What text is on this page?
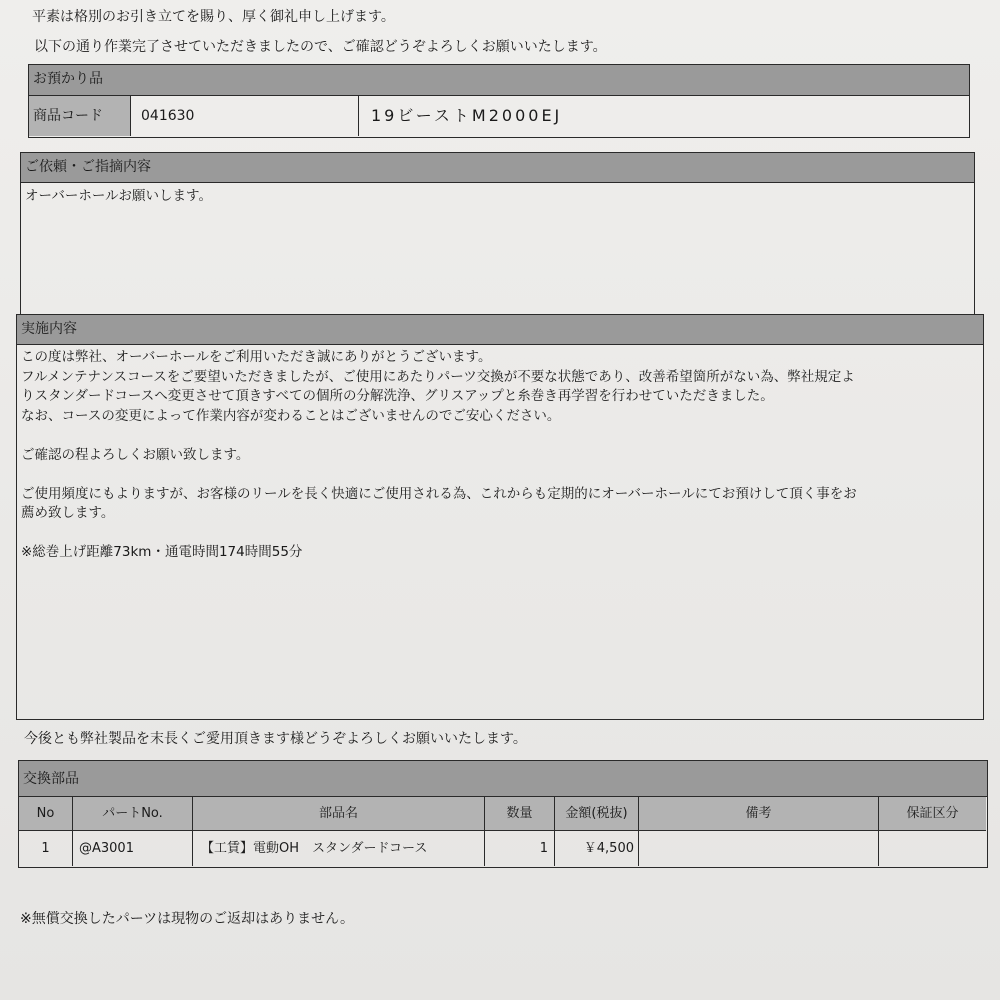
平素は格別のお引き立てを賜り、厚く御礼申し上げます。
以下の通り作業完了させていただきましたので、ご確認どうぞよろしくお願いいたします。
お預かり品
商品コード	041630	19ビーストM2000EJ
ご依頼・ご指摘内容
オーバーホールお願いします。
実施内容
この度は弊社、オーバーホールをご利用いただき誠にありがとうございます。
フルメンテナンスコースをご要望いただきましたが、ご使用にあたりパーツ交換が不要な状態であり、改善希望箇所がない為、弊社規定よ
りスタンダードコースへ変更させて頂きすべての個所の分解洗浄、グリスアップと糸巻き再学習を行わせていただきました。
なお、コースの変更によって作業内容が変わることはございませんのでご安心ください。
ご確認の程よろしくお願い致します。
ご使用頻度にもよりますが、お客様のリールを長く快適にご使用される為、これからも定期的にオーバーホールにてお預けして頂く事をお
薦め致します。
※総巻上げ距離73km・通電時間174時間55分
今後とも弊社製品を末長くご愛用頂きます様どうぞよろしくお願いいたします。
交換部品
No	パートNo.	部品名	数量	金額(税抜)	備考	保証区分
1	@A3001	【工賃】電動OH　スタンダードコース	1	￥4,500
※無償交換したパーツは現物のご返却はありません。
